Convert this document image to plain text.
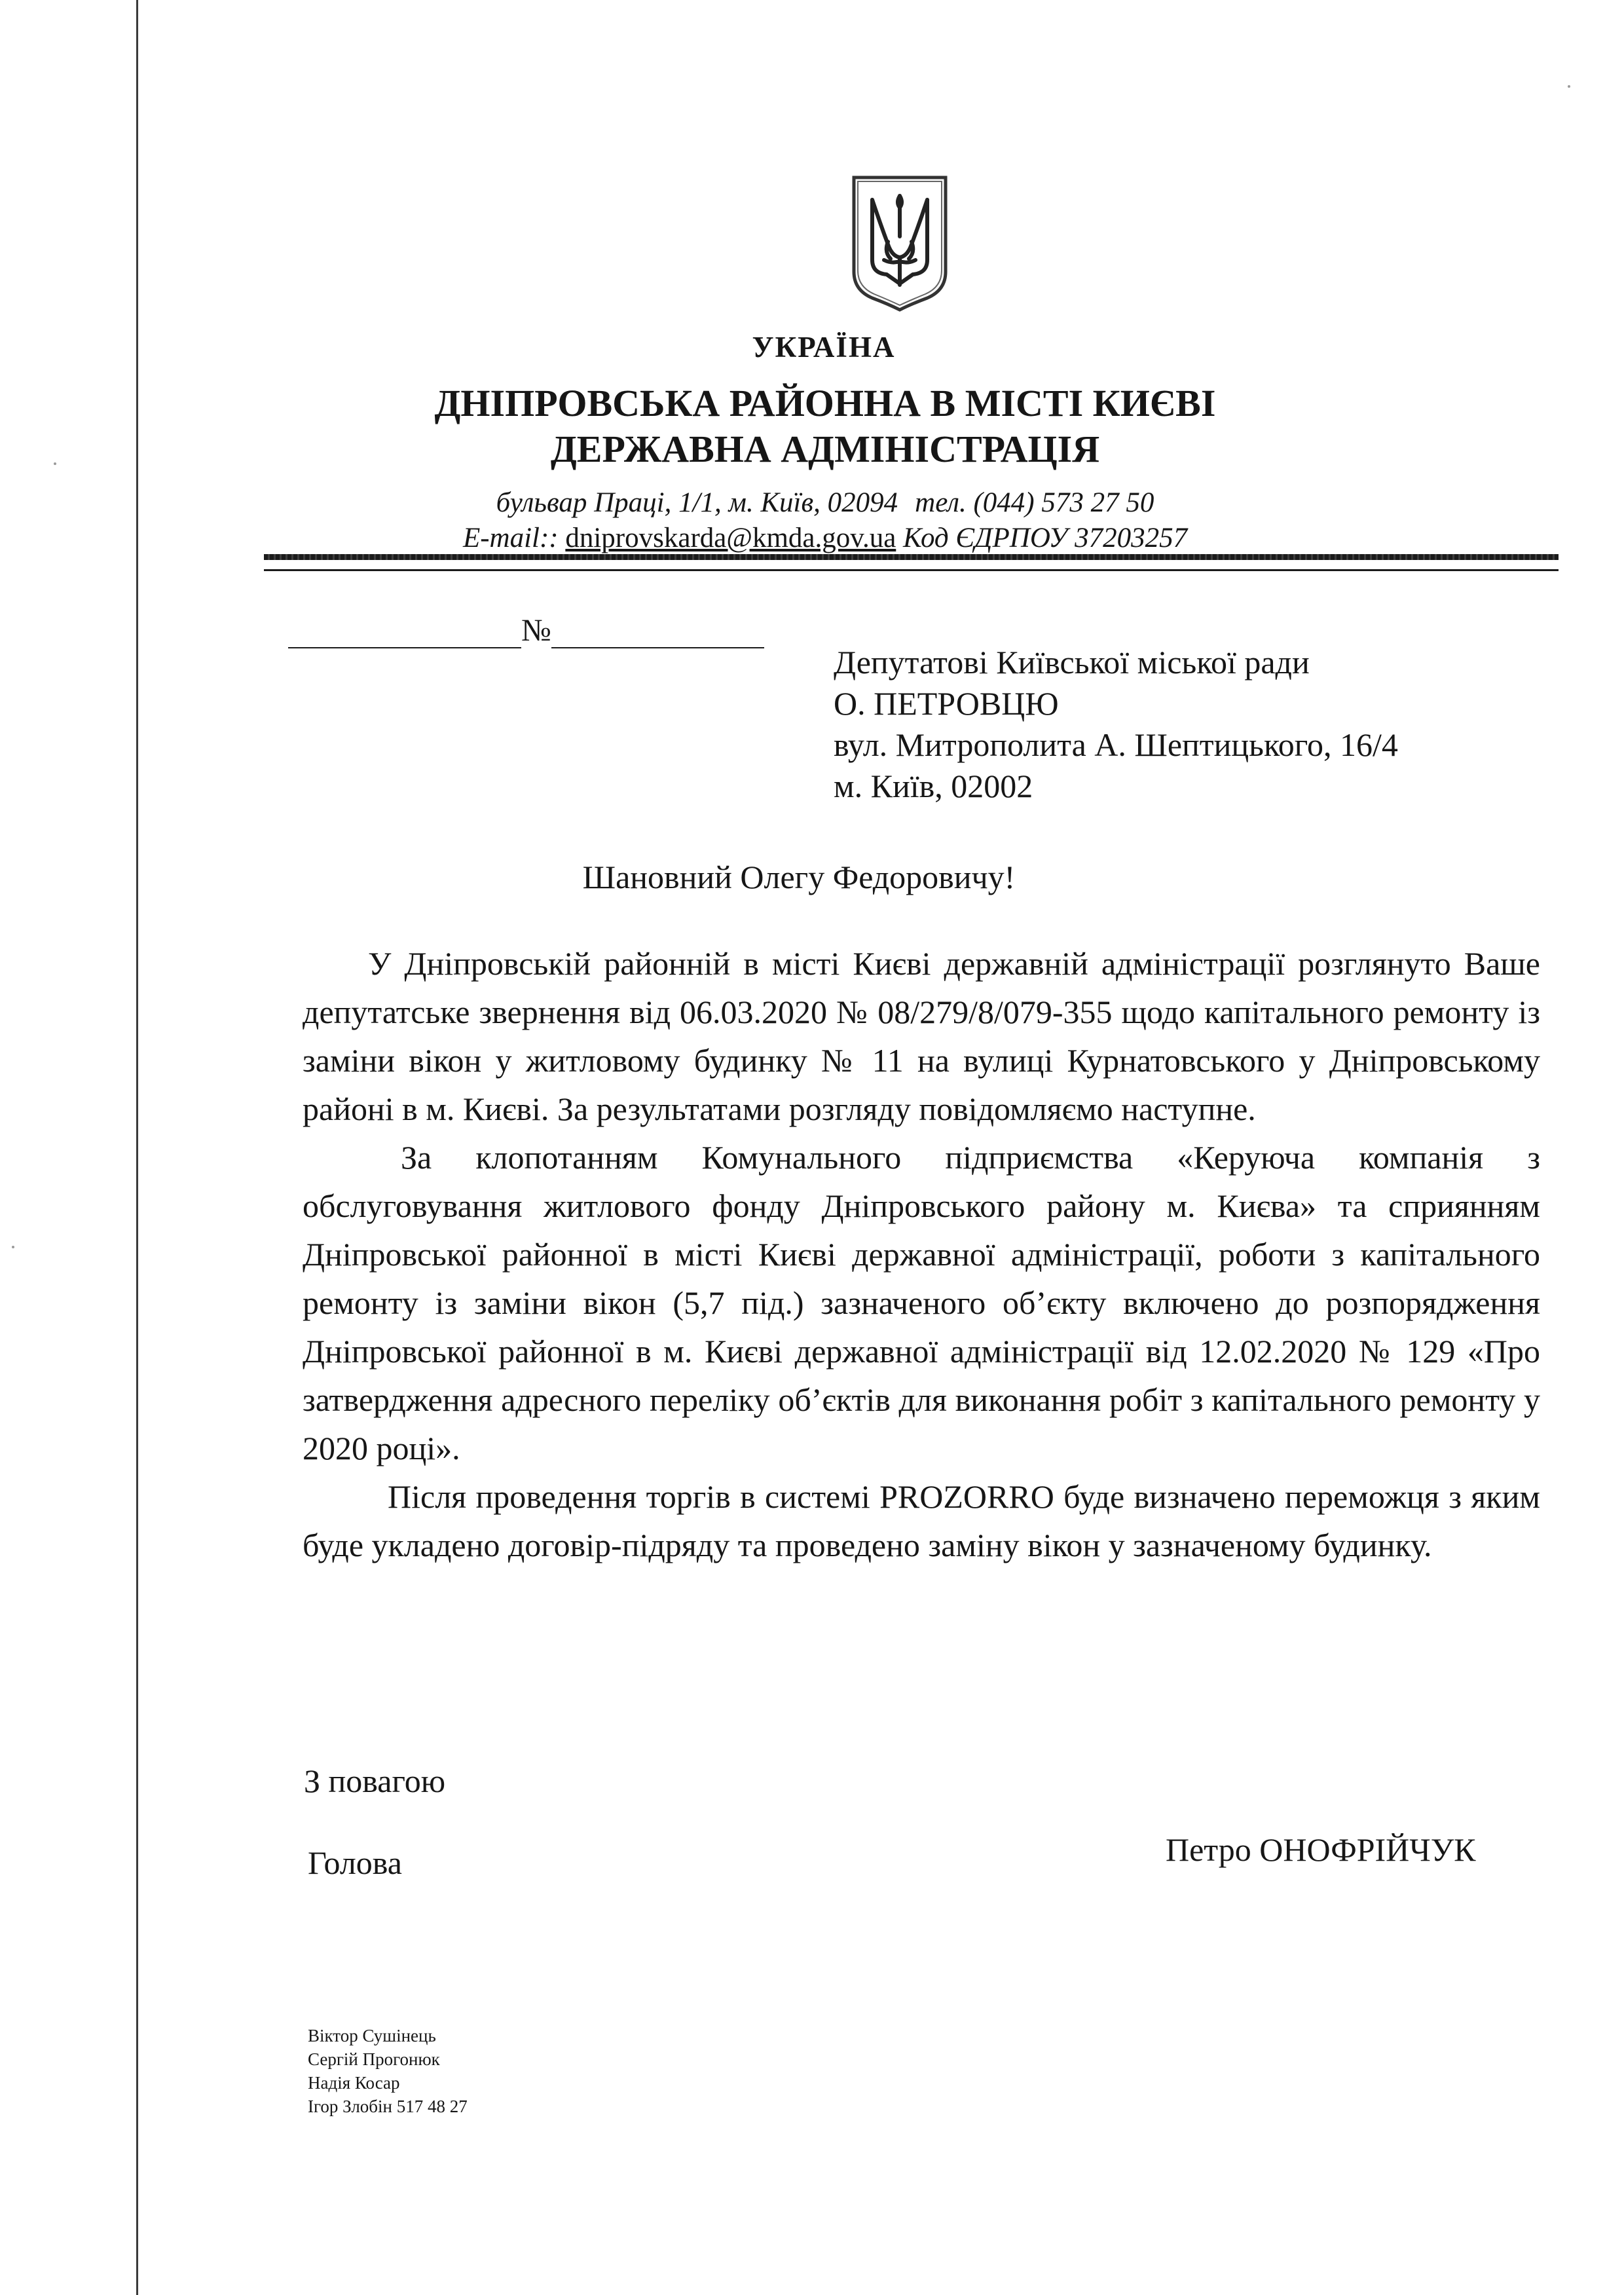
УКРАЇНА
ДНІПРОВСЬКА РАЙОННА В МІСТІ КИЄВІ
ДЕРЖАВНА АДМІНІСТРАЦІЯ
бульвар Праці, 1/1, м. Київ, 02094 тел. (044) 573 27 50
E-mail:: dniprovskarda@kmda.gov.ua Код ЄДРПОУ 37203257
№
Депутатові Київської міської ради
О. ПЕТРОВЦЮ
вул. Митрополита А. Шептицького, 16/4
м. Київ, 02002
Шановний Олегу Федоровичу!

У Дніпровській районній в місті Києві державній адміністрації розглянуто Ваше депутатське звернення від 06.03.2020 № 08/279/8/079-355 щодо капітального ремонту із заміни вікон у житловому будинку № 11 на вулиці Курнатовського у Дніпровському районі в м. Києві. За результатами розгляду повідомляємо наступне.

За клопотанням Комунального підприємства «Керуюча компанія з обслуговування житлового фонду Дніпровського району м. Києва» та сприянням Дніпровської районної в місті Києві державної адміністрації, роботи з капітального ремонту із заміни вікон (5,7 під.) зазначеного об’єкту включено до розпорядження Дніпровської районної в м. Києві державної адміністрації від 12.02.2020 № 129 «Про затвердження адресного переліку об’єктів для виконання робіт з капітального ремонту у 2020 році».

Після проведення торгів в системі PROZORRO буде визначено переможця з яким буде укладено договір-підряду та проведено заміну вікон у зазначеному будинку.

З повагою
Голова	Петро ОНОФРІЙЧУК
Віктор Сушінець
Сергій Прогонюк
Надія Косар
Ігор Злобін 517 48 27
